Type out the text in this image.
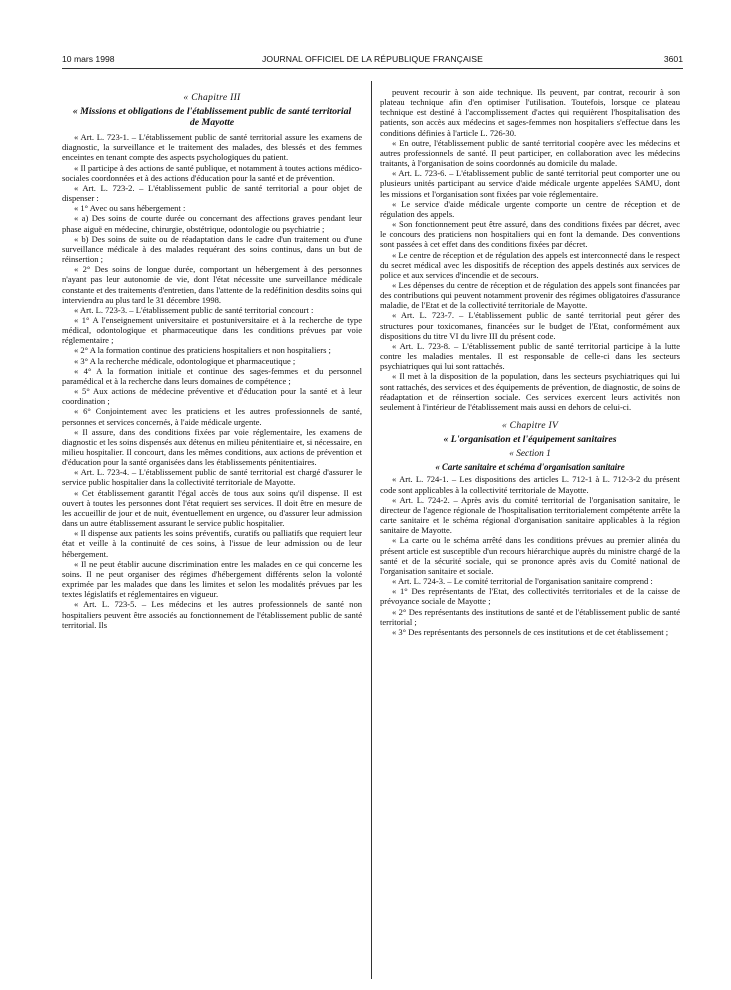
10 mars 1998	JOURNAL OFFICIEL DE LA RÉPUBLIQUE FRANÇAISE	3601

« Chapitre III

« Missions et obligations de l'établissement public de santé territorial de Mayotte

« Art. L. 723-1. – L'établissement public de santé territorial assure les examens de diagnostic, la surveillance et le traitement des malades, des blessés et des femmes enceintes en tenant compte des aspects psychologiques du patient.

« Il participe à des actions de santé publique, et notamment à toutes actions médico-sociales coordonnées et à des actions d'éducation pour la santé et de prévention.

« Art. L. 723-2. – L'établissement public de santé territorial a pour objet de dispenser :

« 1° Avec ou sans hébergement :

« a) Des soins de courte durée ou concernant des affections graves pendant leur phase aiguë en médecine, chirurgie, obstétrique, odontologie ou psychiatrie ;

« b) Des soins de suite ou de réadaptation dans le cadre d'un traitement ou d'une surveillance médicale à des malades requérant des soins continus, dans un but de réinsertion ;

« 2° Des soins de longue durée, comportant un hébergement à des personnes n'ayant pas leur autonomie de vie, dont l'état nécessite une surveillance médicale constante et des traitements d'entretien, dans l'attente de la redéfinition desdits soins qui interviendra au plus tard le 31 décembre 1998.

« Art. L. 723-3. – L'établissement public de santé territorial concourt :

« 1° A l'enseignement universitaire et postuniversitaire et à la recherche de type médical, odontologique et pharmaceutique dans les conditions prévues par voie réglementaire ;

« 2° A la formation continue des praticiens hospitaliers et non hospitaliers ;

« 3° A la recherche médicale, odontologique et pharmaceutique ;

« 4° A la formation initiale et continue des sages-femmes et du personnel paramédical et à la recherche dans leurs domaines de compétence ;

« 5° Aux actions de médecine préventive et d'éducation pour la santé et à leur coordination ;

« 6° Conjointement avec les praticiens et les autres professionnels de santé, personnes et services concernés, à l'aide médicale urgente.

« Il assure, dans des conditions fixées par voie réglementaire, les examens de diagnostic et les soins dispensés aux détenus en milieu pénitentiaire et, si nécessaire, en milieu hospitalier. Il concourt, dans les mêmes conditions, aux actions de prévention et d'éducation pour la santé organisées dans les établissements pénitentiaires.

« Art. L. 723-4. – L'établissement public de santé territorial est chargé d'assurer le service public hospitalier dans la collectivité territoriale de Mayotte.

« Cet établissement garantit l'égal accès de tous aux soins qu'il dispense. Il est ouvert à toutes les personnes dont l'état requiert ses services. Il doit être en mesure de les accueillir de jour et de nuit, éventuellement en urgence, ou d'assurer leur admission dans un autre établissement assurant le service public hospitalier.

« Il dispense aux patients les soins préventifs, curatifs ou palliatifs que requiert leur état et veille à la continuité de ces soins, à l'issue de leur admission ou de leur hébergement.

« Il ne peut établir aucune discrimination entre les malades en ce qui concerne les soins. Il ne peut organiser des régimes d'hébergement différents selon la volonté exprimée par les malades que dans les limites et selon les modalités prévues par les textes législatifs et réglementaires en vigueur.

« Art. L. 723-5. – Les médecins et les autres professionnels de santé non hospitaliers peuvent être associés au fonctionnement de l'établissement public de santé territorial. Ils

peuvent recourir à son aide technique. Ils peuvent, par contrat, recourir à son plateau technique afin d'en optimiser l'utilisation. Toutefois, lorsque ce plateau technique est destiné à l'accomplissement d'actes qui requièrent l'hospitalisation des patients, son accès aux médecins et sages-femmes non hospitaliers s'effectue dans les conditions définies à l'article L. 726-30.

« En outre, l'établissement public de santé territorial coopère avec les médecins et autres professionnels de santé. Il peut participer, en collaboration avec les médecins traitants, à l'organisation de soins coordonnés au domicile du malade.

« Art. L. 723-6. – L'établissement public de santé territorial peut comporter une ou plusieurs unités participant au service d'aide médicale urgente appelées SAMU, dont les missions et l'organisation sont fixées par voie réglementaire.

« Le service d'aide médicale urgente comporte un centre de réception et de régulation des appels.

« Son fonctionnement peut être assuré, dans des conditions fixées par décret, avec le concours des praticiens non hospitaliers qui en font la demande. Des conventions sont passées à cet effet dans des conditions fixées par décret.

« Le centre de réception et de régulation des appels est interconnecté dans le respect du secret médical avec les dispositifs de réception des appels destinés aux services de police et aux services d'incendie et de secours.

« Les dépenses du centre de réception et de régulation des appels sont financées par des contributions qui peuvent notamment provenir des régimes obligatoires d'assurance maladie, de l'Etat et de la collectivité territoriale de Mayotte.

« Art. L. 723-7. – L'établissement public de santé territorial peut gérer des structures pour toxicomanes, financées sur le budget de l'Etat, conformément aux dispositions du titre VI du livre III du présent code.

« Art. L. 723-8. – L'établissement public de santé territorial participe à la lutte contre les maladies mentales. Il est responsable de celle-ci dans les secteurs psychiatriques qui lui sont rattachés.

« Il met à la disposition de la population, dans les secteurs psychiatriques qui lui sont rattachés, des services et des équipements de prévention, de diagnostic, de soins de réadaptation et de réinsertion sociale. Ces services exercent leurs activités non seulement à l'intérieur de l'établissement mais aussi en dehors de celui-ci.

« Chapitre IV

« L'organisation et l'équipement sanitaires

« Section 1

« Carte sanitaire et schéma d'organisation sanitaire

« Art. L. 724-1. – Les dispositions des articles L. 712-1 à L. 712-3-2 du présent code sont applicables à la collectivité territoriale de Mayotte.

« Art. L. 724-2. – Après avis du comité territorial de l'organisation sanitaire, le directeur de l'agence régionale de l'hospitalisation territorialement compétente arrête la carte sanitaire et le schéma régional d'organisation sanitaire applicables à la région sanitaire de Mayotte.

« La carte ou le schéma arrêté dans les conditions prévues au premier alinéa du présent article est susceptible d'un recours hiérarchique auprès du ministre chargé de la santé et de la sécurité sociale, qui se prononce après avis du Comité national de l'organisation sanitaire et sociale.

« Art. L. 724-3. – Le comité territorial de l'organisation sanitaire comprend :

« 1° Des représentants de l'Etat, des collectivités territoriales et de la caisse de prévoyance sociale de Mayotte ;

« 2° Des représentants des institutions de santé et de l'établissement public de santé territorial ;

« 3° Des représentants des personnels de ces institutions et de cet établissement ;
